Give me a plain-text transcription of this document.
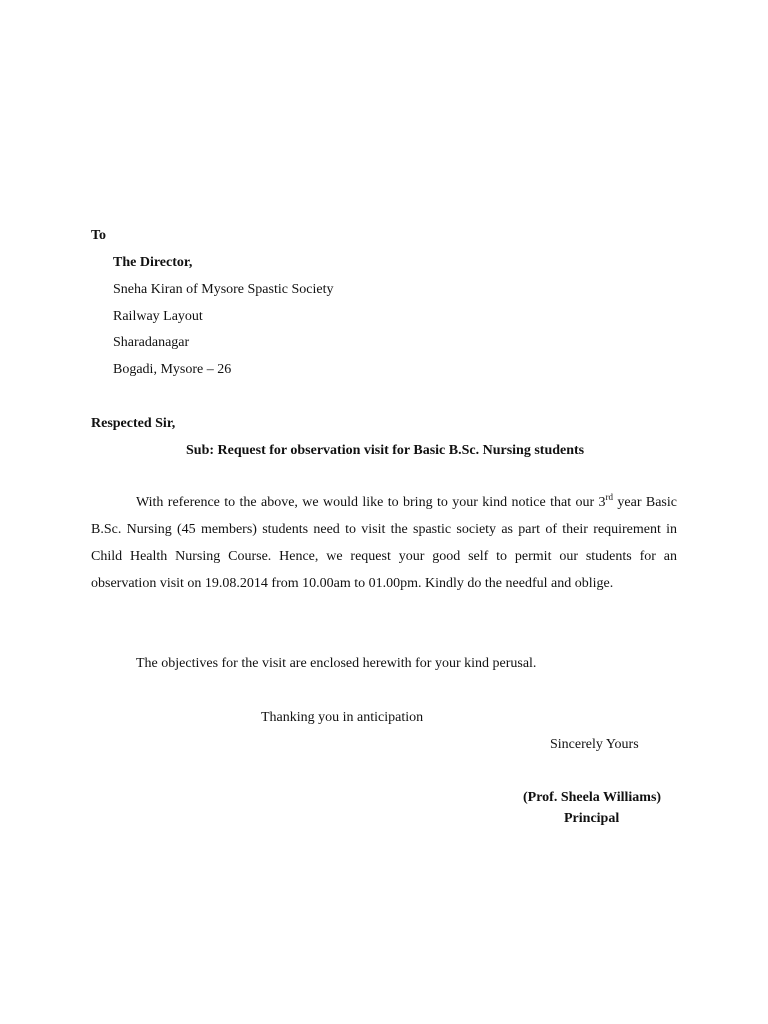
To
The Director,
Sneha Kiran of Mysore Spastic Society
Railway Layout
Sharadanagar
Bogadi, Mysore – 26
Respected Sir,
Sub: Request for observation visit for Basic B.Sc. Nursing students
With reference to the above, we would like to bring to your kind notice that our 3rd year Basic B.Sc. Nursing (45 members) students need to visit the spastic society as part of their requirement in Child Health Nursing Course. Hence, we request your good self to permit our students for an observation visit on 19.08.2014 from 10.00am to 01.00pm. Kindly do the needful and oblige.
The objectives for the visit are enclosed herewith for your kind perusal.
Thanking you in anticipation
Sincerely Yours
(Prof. Sheela Williams)
Principal
